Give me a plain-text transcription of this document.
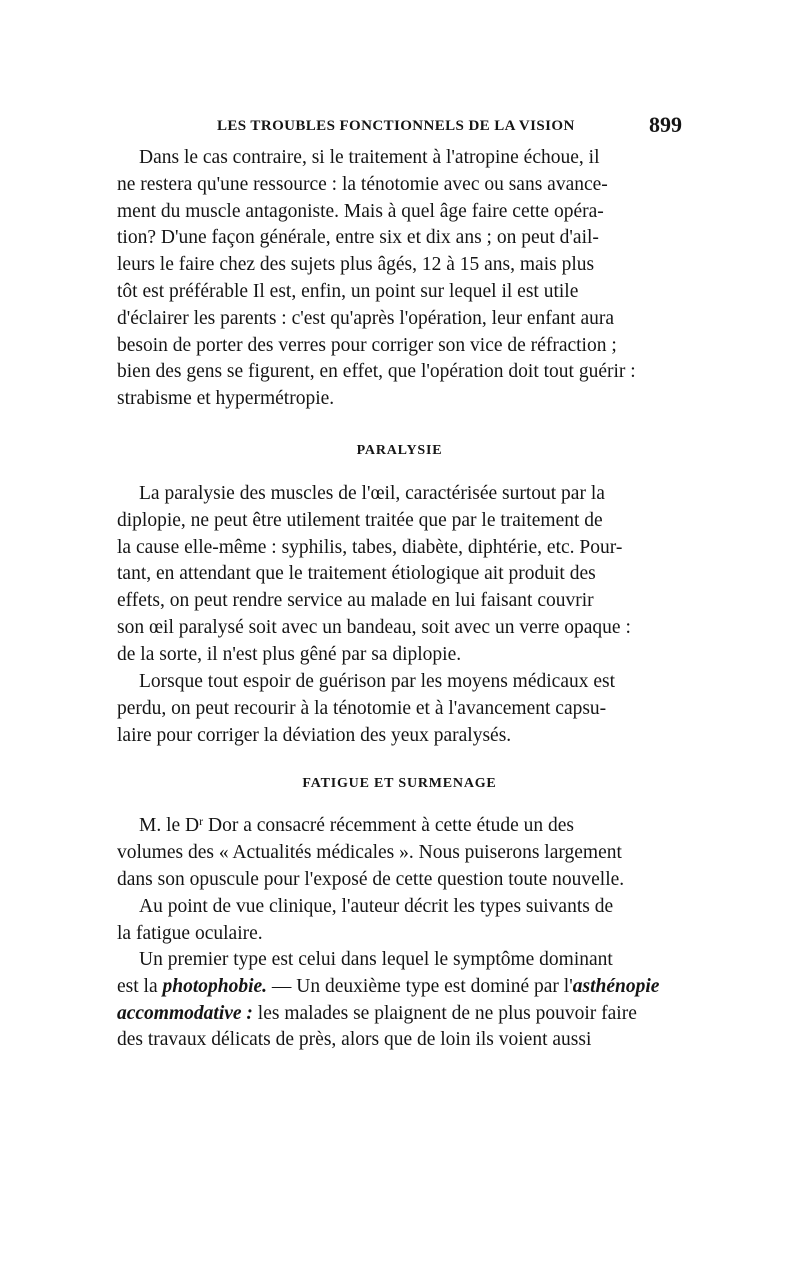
LES TROUBLES FONCTIONNELS DE LA VISION	899

Dans le cas contraire, si le traitement à l'atropine échoue, il
ne restera qu'une ressource : la ténotomie avec ou sans avance-
ment du muscle antagoniste. Mais à quel âge faire cette opéra-
tion? D'une façon générale, entre six et dix ans ; on peut d'ail-
leurs le faire chez des sujets plus âgés, 12 à 15 ans, mais plus
tôt est préférable Il est, enfin, un point sur lequel il est utile
d'éclairer les parents : c'est qu'après l'opération, leur enfant aura
besoin de porter des verres pour corriger son vice de réfraction ;
bien des gens se figurent, en effet, que l'opération doit tout guérir :
strabisme et hypermétropie.

PARALYSIE

La paralysie des muscles de l'œil, caractérisée surtout par la
diplopie, ne peut être utilement traitée que par le traitement de
la cause elle-même : syphilis, tabes, diabète, diphtérie, etc. Pour-
tant, en attendant que le traitement étiologique ait produit des
effets, on peut rendre service au malade en lui faisant couvrir
son œil paralysé soit avec un bandeau, soit avec un verre opaque :
de la sorte, il n'est plus gêné par sa diplopie.

Lorsque tout espoir de guérison par les moyens médicaux est
perdu, on peut recourir à la ténotomie et à l'avancement capsu-
laire pour corriger la déviation des yeux paralysés.

FATIGUE ET SURMENAGE

M. le $D^r$ Dor a consacré récemment à cette étude un des
volumes des « Actualités médicales ». Nous puiserons largement
dans son opuscule pour l'exposé de cette question toute nouvelle.

Au point de vue clinique, l'auteur décrit les types suivants de
la fatigue oculaire.

Un premier type est celui dans lequel le symptôme dominant
est la photophobie. — Un deuxième type est dominé par l'asthénopie
accommodative : les malades se plaignent de ne plus pouvoir faire
des travaux délicats de près, alors que de loin ils voient aussi
